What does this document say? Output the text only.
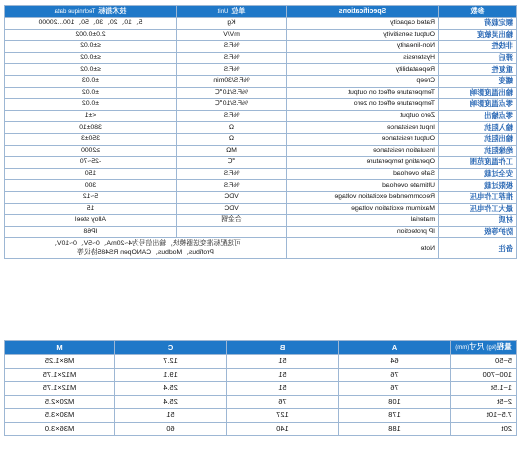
参数	Specifications	单位Unit	技术指标Technique data
额定载荷	Rated capacity	Kg	5、10、20、30、50、100...20000
输出灵敏度	Output sensitivity	mV/V	2.0±0.002
非线性	Non-linearity	%F.S	≤±0.02
滞后	Hysteresis	%F.S	≤±0.02
重复性	Repeatability	%F.S	≤±0.02
蠕变	Creep	%F.S/30min	±0.03
输出温度影响	Temperature effect on output	%F.S/10℃	±0.02
零点温度影响	Temperature effect on zero	%F.S/10℃	±0.02
零点输出	Zero output	%F.S	<±1
输入阻抗	Input resistance	Ω	380±10
输出阻抗	Output resistance	Ω	350±3
绝缘阻抗	Insulation resistance	MΩ	≥2000
工作温度范围	Operating temperature	℃	-25~70
安全过载	Safe overload	%F.S	150
极限过载	Ultimate overload	%F.S	300
推荐工作电压	Recommended excitation voltage	VDC	5~12
最大工作电压	Maximum excitation voltage	VDC	15
材质	material	合金钢	Alloy steel
防护等级	IP protection		IP68
备注	Note	可选配标准变送器模块，输出信号为4~20mA、0~5V、0~10V、
Profibus、Modbus、CANOpen RS485协议等	
量程(kg) 尺寸(mm)	A	B	C	M
5~50	64	51	12.7	M8×1.25
100~700	76	51	19.1	M12×1.75
1~1.5t	76	51	25.4	M12×1.75
2~5t	108	76	25.4	M20×2.5
7.5~10t	178	127	51	M30×3.5
20t	188	140	60	M36×3.0
